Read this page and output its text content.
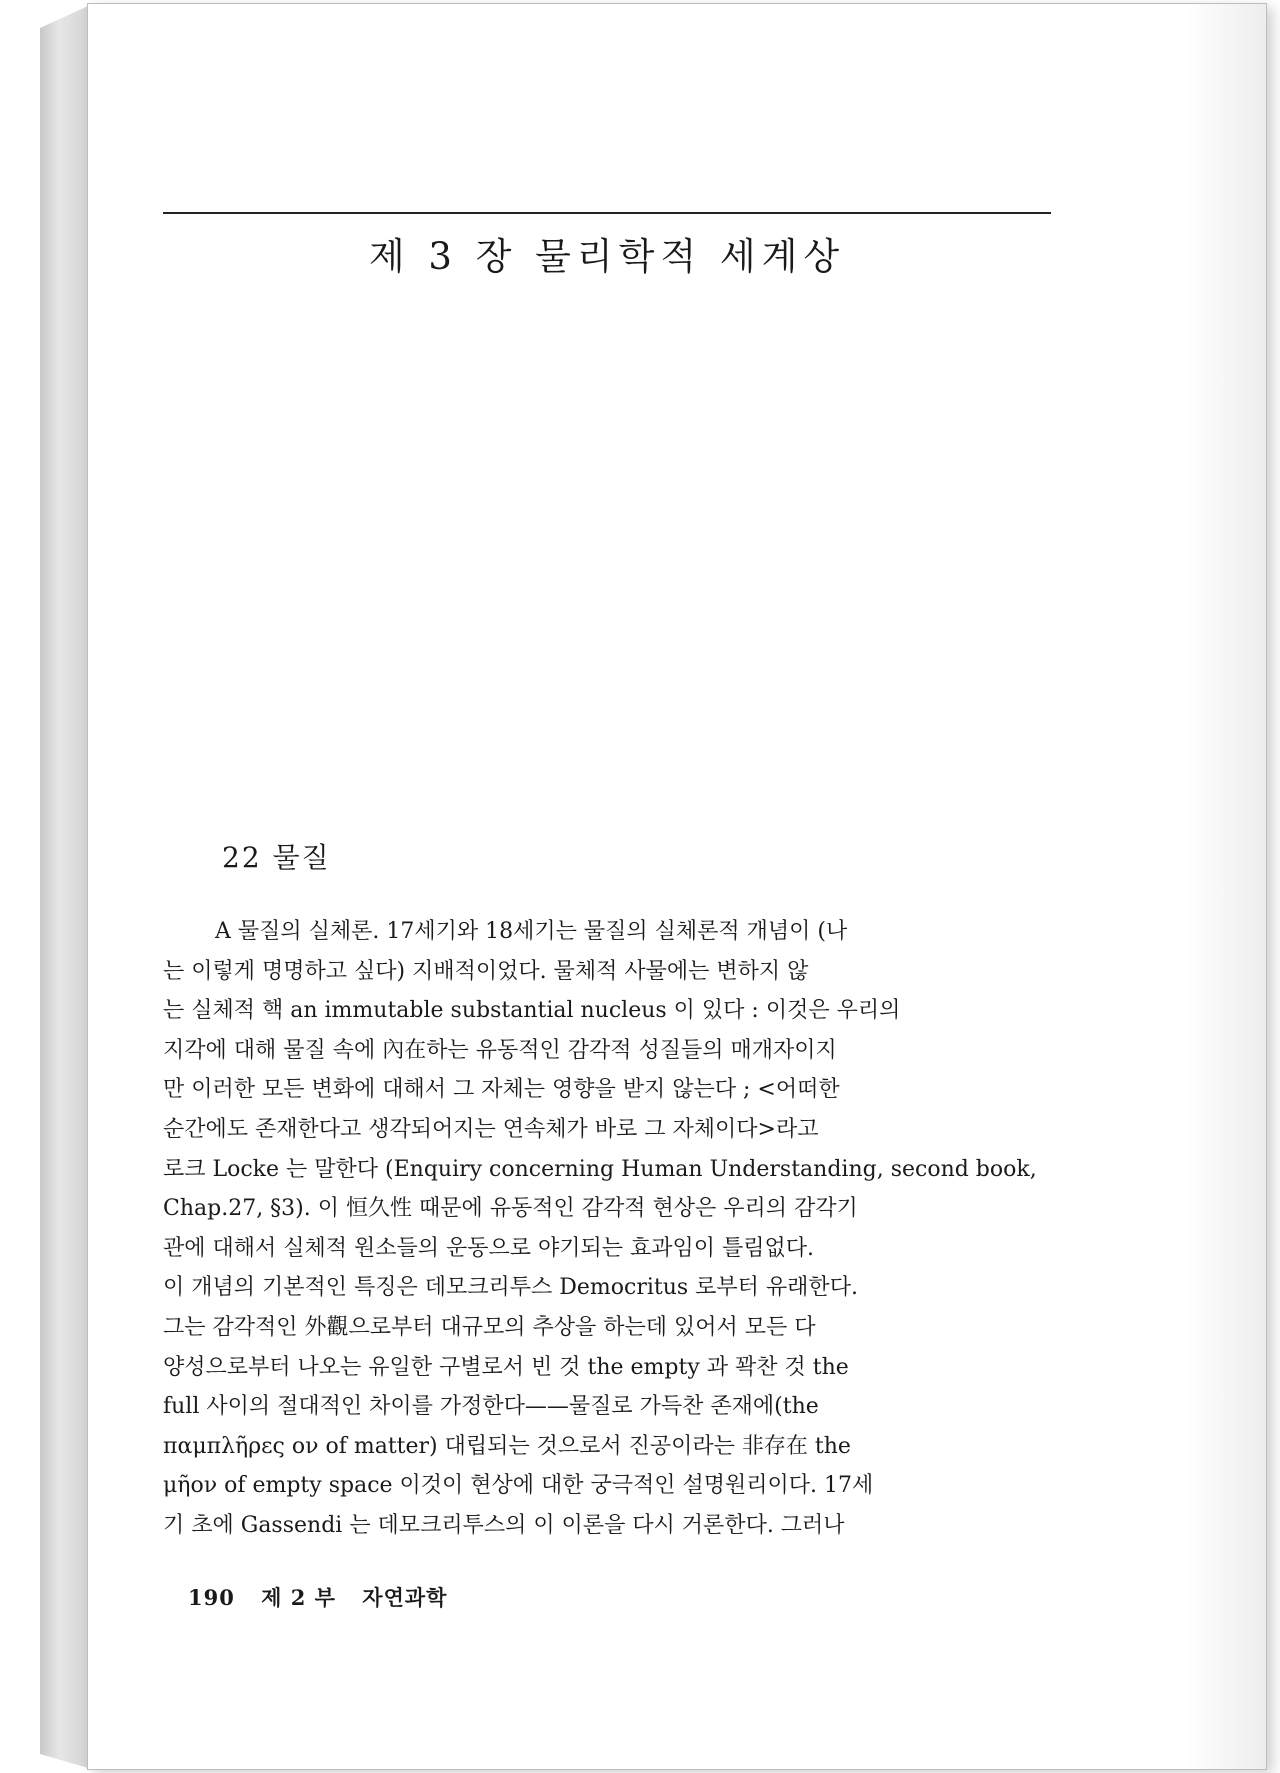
제 3 장 물리학적 세계상
22 물질
A 물질의 실체론. 17세기와 18세기는 물질의 실체론적 개념이 (나
는 이렇게 명명하고 싶다) 지배적이었다. 물체적 사물에는 변하지 않
는 실체적 핵 an immutable substantial nucleus 이 있다 : 이것은 우리의
지각에 대해 물질 속에 內在하는 유동적인 감각적 성질들의 매개자이지
만 이러한 모든 변화에 대해서 그 자체는 영향을 받지 않는다 ; <어떠한
순간에도 존재한다고 생각되어지는 연속체가 바로 그 자체이다>라고
로크 Locke 는 말한다 (Enquiry concerning Human Understanding, second book,
Chap.27, §3). 이 恒久性 때문에 유동적인 감각적 현상은 우리의 감각기
관에 대해서 실체적 원소들의 운동으로 야기되는 효과임이 틀림없다.
이 개념의 기본적인 특징은 데모크리투스 Democritus 로부터 유래한다.
그는 감각적인 外觀으로부터 대규모의 추상을 하는데 있어서 모든 다
양성으로부터 나오는 유일한 구별로서 빈 것 the empty 과 꽉찬 것 the
full 사이의 절대적인 차이를 가정한다——물질로 가득찬 존재에(the
παμπλῆρες ον of matter) 대립되는 것으로서 진공이라는 非存在 the
μῆον of empty space 이것이 현상에 대한 궁극적인 설명원리이다. 17세
기 초에 Gassendi 는 데모크리투스의 이 이론을 다시 거론한다. 그러나
190 제 2 부 자연과학
